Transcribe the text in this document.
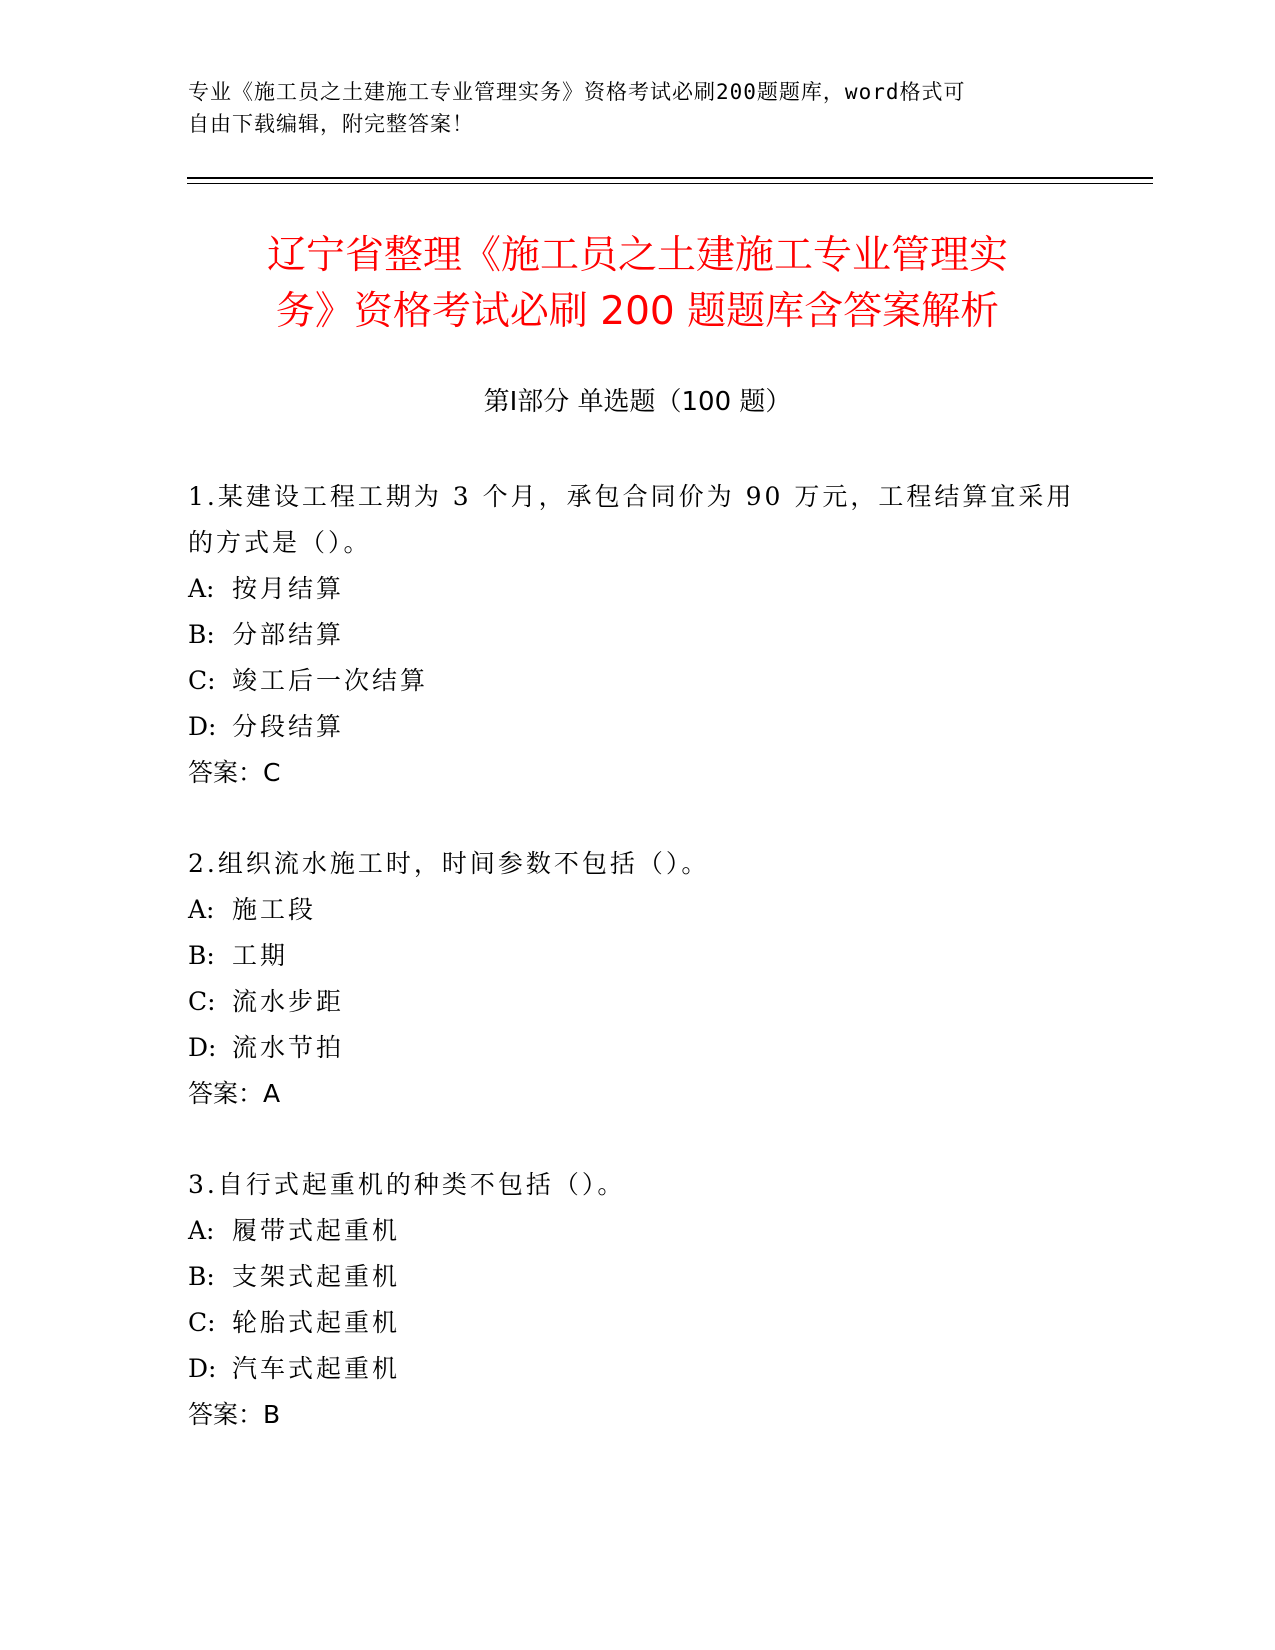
专业《施工员之土建施工专业管理实务》资格考试必刷200题题库，word格式可
自由下载编辑，附完整答案！
辽宁省整理《施工员之土建施工专业管理实
务》资格考试必刷 200 题题库含答案解析
第Ⅰ部分 单选题（100 题）
1.某建设工程工期为 3 个月，承包合同价为 90 万元，工程结算宜采用
的方式是（）。
A: 按月结算
B: 分部结算
C: 竣工后一次结算
D: 分段结算
答案：C
2.组织流水施工时，时间参数不包括（）。
A: 施工段
B: 工期
C: 流水步距
D: 流水节拍
答案：A
3.自行式起重机的种类不包括（）。
A: 履带式起重机
B: 支架式起重机
C: 轮胎式起重机
D: 汽车式起重机
答案：B
